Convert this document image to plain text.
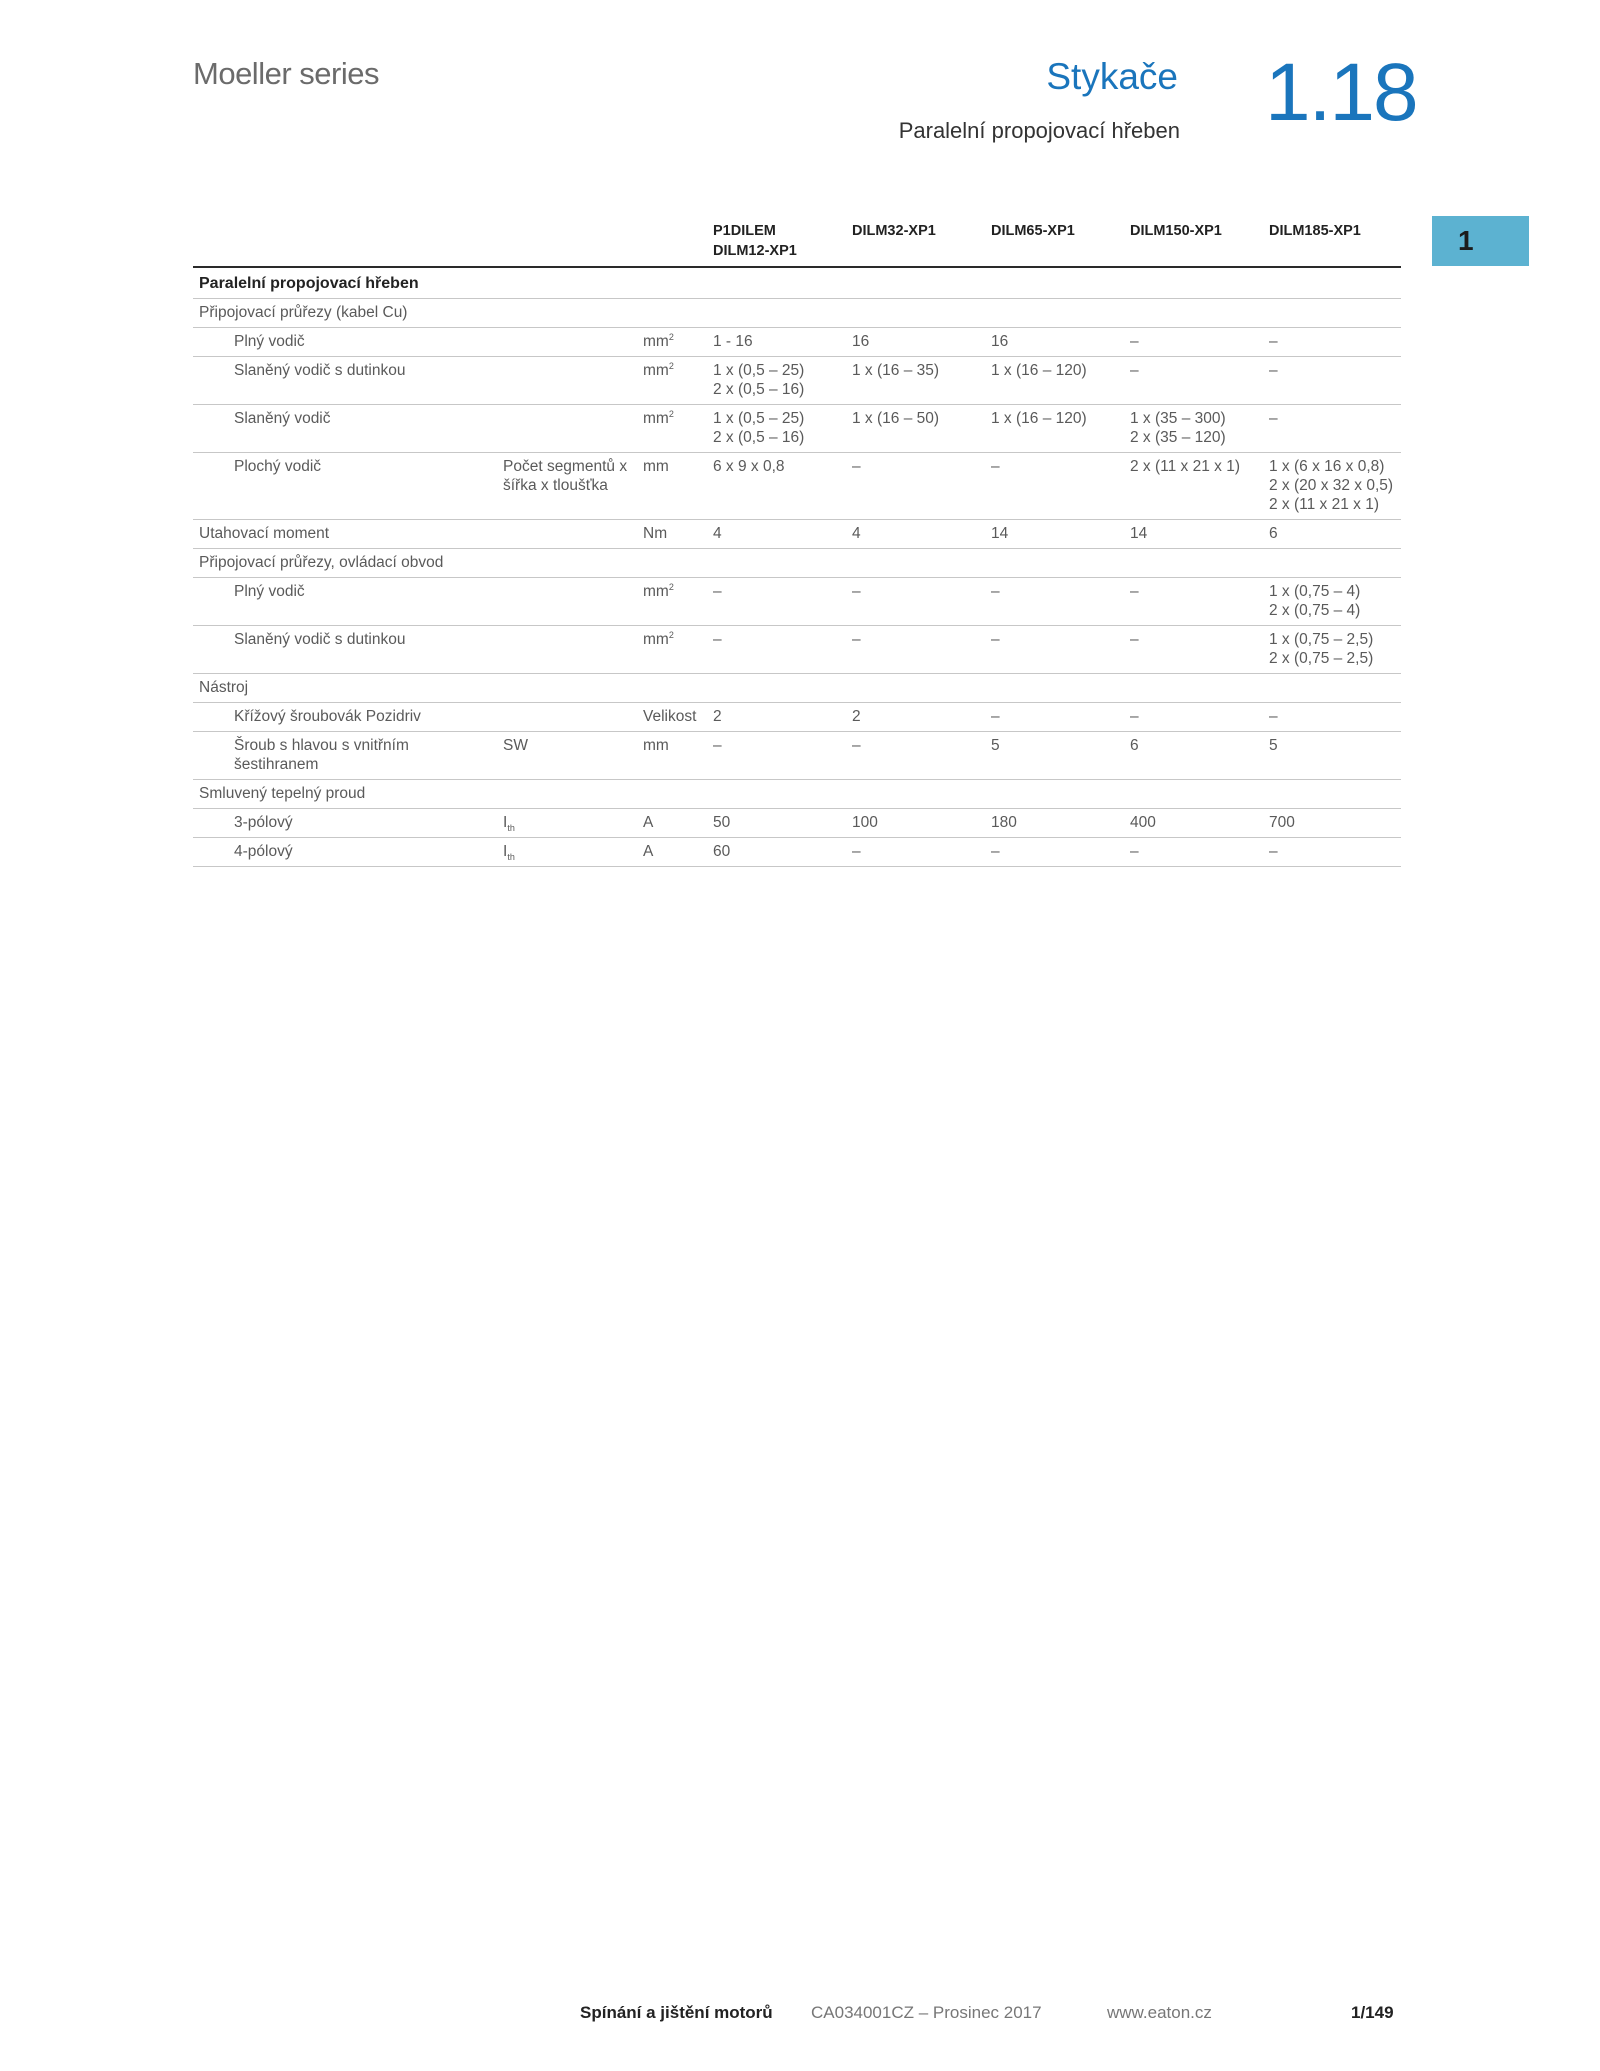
Moeller series	Stykače
Paralelní propojovací hřeben 1.18
1

			P1DILEM
DILM12-XP1	DILM32-XP1	DILM65-XP1	DILM150-XP1	DILM185-XP1
Paralelní propojovací hřeben							
Připojovací průřezy (kabel Cu)							
Plný vodič		$mm^2$	1 - 16	16	16	–	–
Slaněný vodič s dutinkou		$mm^2$	1 x (0,5 – 25)
2 x (0,5 – 16)	1 x (16 – 35)	1 x (16 – 120)	–	–
Slaněný vodič		$mm^2$	1 x (0,5 – 25)
2 x (0,5 – 16)	1 x (16 – 50)	1 x (16 – 120)	1 x (35 – 300)
2 x (35 – 120)	–
Plochý vodič	Počet segmentů x
šířka x tloušťka	mm	6 x 9 x 0,8	–	–	2 x (11 x 21 x 1)	1 x (6 x 16 x 0,8)
2 x (20 x 32 x 0,5)
2 x (11 x 21 x 1)

Utahovací moment		Nm	4	4	14	14	6
Připojovací průřezy, ovládací obvod							
Plný vodič		$mm^2$	–	–	–	–	1 x (0,75 – 4)
2 x (0,75 – 4)

Slaněný vodič s dutinkou		$mm^2$	–	–	–	–	1 x (0,75 – 2,5)
2 x (0,75 – 2,5)

Nástroj							
Křížový šroubovák Pozidriv		Velikost	2	2	–	–	–
Šroub s hlavou s vnitřním šestihranem	SW	mm	–	–	5	6	5
Smluvený tepelný proud							
3-pólový	$I_{th}$	A	50	100	180	400	700
4-pólový	$I_{th}$	A	60	–	–	–	–
Spínání a jištění motorů CA034001CZ – Prosinec 2017	www.eaton.cz	1/149
